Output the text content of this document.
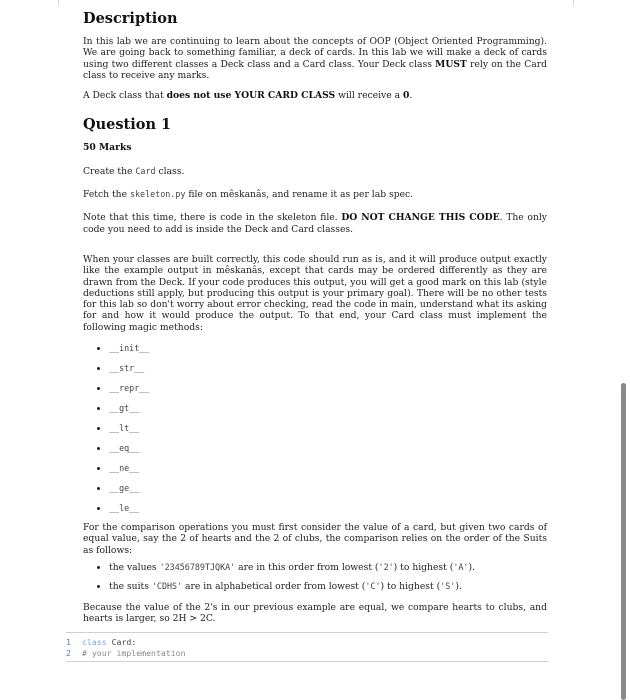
Description

In this lab we are continuing to learn about the concepts of OOP (Object Oriented Programming). We are going back to something familiar, a deck of cards. In this lab we will make a deck of cards using two different classes a Deck class and a Card class. Your Deck class MUST rely on the Card class to receive any marks.

A Deck class that does not use YOUR CARD CLASS will receive a 0.

Question 1

50 Marks

Create the Card class.

Fetch the skeleton.py file on mêskanâs, and rename it as per lab spec.

Note that this time, there is code in the skeleton file. DO NOT CHANGE THIS CODE. The only code you need to add is inside the Deck and Card classes.

When your classes are built correctly, this code should run as is, and it will produce output exactly like the example output in mêskanâs, except that cards may be ordered differently as they are drawn from the Deck. If your code produces this output, you will get a good mark on this lab (style deductions still apply, but producing this output is your primary goal). There will be no other tests for this lab so don't worry about error checking, read the code in main, understand what its asking for and how it would produce the output. To that end, your Card class must implement the following magic methods:

__init__
__str__
__repr__
__gt__
__lt__
__eq__
__ne__
__ge__
__le__

For the comparison operations you must first consider the value of a card, but given two cards of equal value, say the 2 of hearts and the 2 of clubs, the comparison relies on the order of the Suits as follows:

the values '23456789TJQKA' are in this order from lowest ('2') to highest ('A').
the suits 'CDHS' are in alphabetical order from lowest ('C') to highest ('S').

Because the value of the 2's in our previous example are equal, we compare hearts to clubs, and hearts is larger, so 2H > 2C.

1 class Card:
2 # your implementation
